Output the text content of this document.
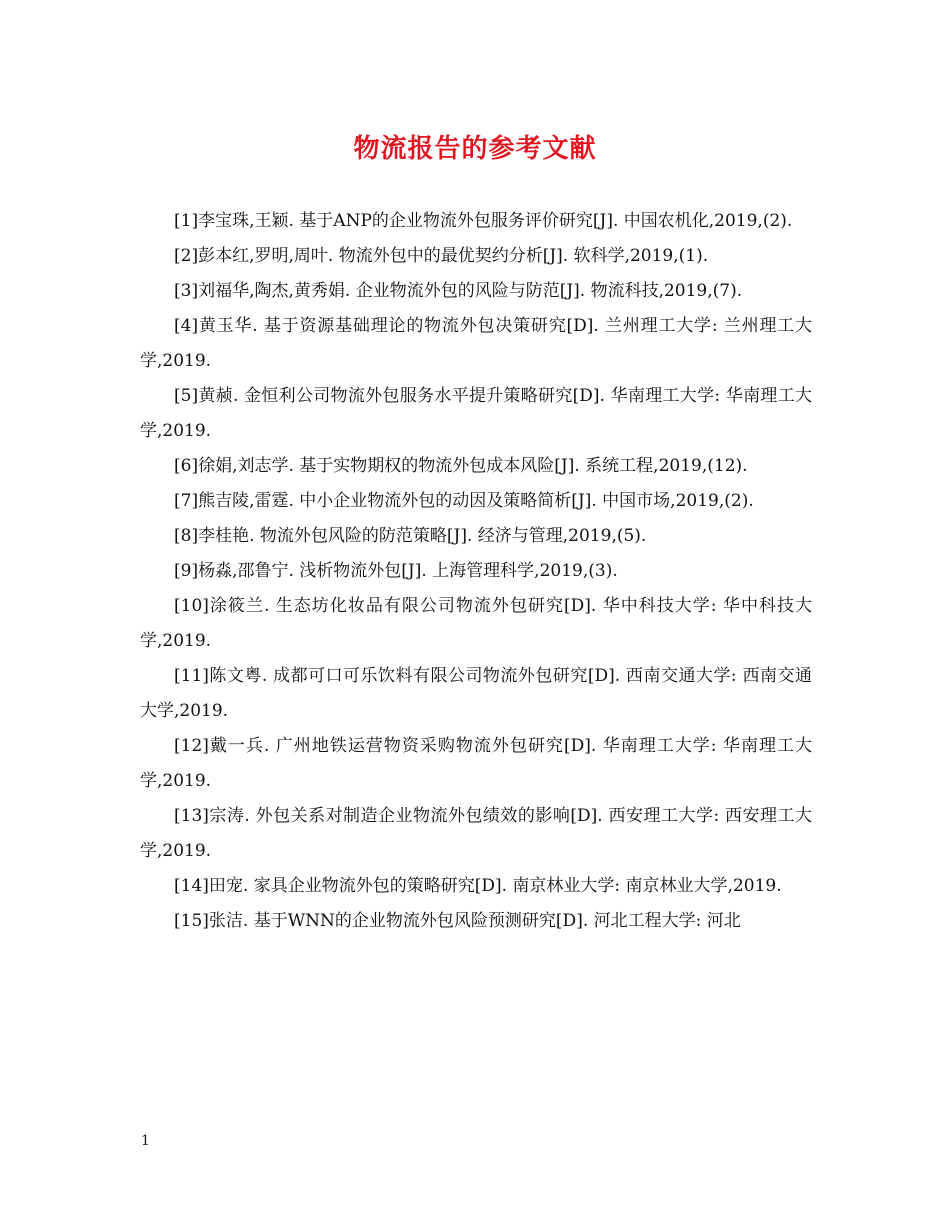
物流报告的参考文献

[1]李宝珠,王颖. 基于ANP的企业物流外包服务评价研究[J]. 中国农机化,2019,(2).

[2]彭本红,罗明,周叶. 物流外包中的最优契约分析[J]. 软科学,2019,(1).

[3]刘福华,陶杰,黄秀娟. 企业物流外包的风险与防范[J]. 物流科技,2019,(7).

[4]黄玉华. 基于资源基础理论的物流外包决策研究[D]. 兰州理工大学: 兰州理工大学,2019.

[5]黄赪. 金恒利公司物流外包服务水平提升策略研究[D]. 华南理工大学: 华南理工大学,2019.

[6]徐娟,刘志学. 基于实物期权的物流外包成本风险[J]. 系统工程,2019,(12).

[7]熊吉陵,雷霆. 中小企业物流外包的动因及策略简析[J]. 中国市场,2019,(2).

[8]李桂艳. 物流外包风险的防范策略[J]. 经济与管理,2019,(5).

[9]杨淼,邵鲁宁. 浅析物流外包[J]. 上海管理科学,2019,(3).

[10]涂筱兰. 生态坊化妆品有限公司物流外包研究[D]. 华中科技大学: 华中科技大学,2019.

[11]陈文粤. 成都可口可乐饮料有限公司物流外包研究[D]. 西南交通大学: 西南交通大学,2019.

[12]戴一兵. 广州地铁运营物资采购物流外包研究[D]. 华南理工大学: 华南理工大学,2019.

[13]宗涛. 外包关系对制造企业物流外包绩效的影响[D]. 西安理工大学: 西安理工大学,2019.

[14]田宠. 家具企业物流外包的策略研究[D]. 南京林业大学: 南京林业大学,2019.

[15]张洁. 基于WNN的企业物流外包风险预测研究[D]. 河北工程大学: 河北

1
